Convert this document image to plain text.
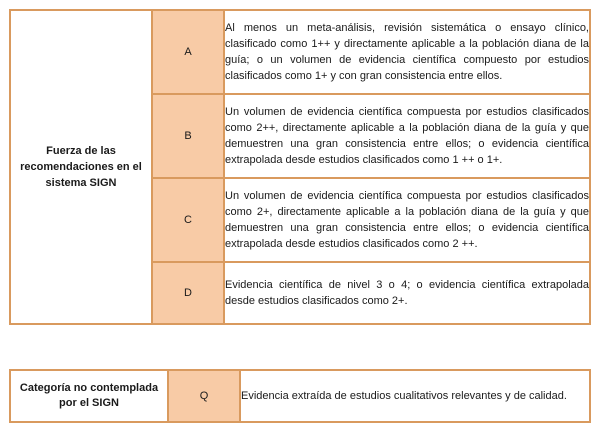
Fuerza de las recomendaciones en el sistema SIGN	A	Al menos un meta-análisis, revisión sistemática o ensayo clínico, clasificado como 1++ y directamente aplicable a la población diana de la guía; o un volumen de evidencia científica compuesto por estudios clasificados como 1+ y con gran consistencia entre ellos.
	B	Un volumen de evidencia científica compuesta por estudios clasificados como 2++, directamente aplicable a la población diana de la guía y que demuestren una gran consistencia entre ellos; o evidencia científica extrapolada desde estudios clasificados como 1 ++ o 1+.
	C	Un volumen de evidencia científica compuesta por estudios clasificados como 2+, directamente aplicable a la población diana de la guía y que demuestren una gran consistencia entre ellos; o evidencia científica extrapolada desde estudios clasificados como 2 ++.
	D	Evidencia científica de nivel 3 o 4; o evidencia científica extrapolada desde estudios clasificados como 2+.
Categoría no contemplada por el SIGN	Q	Evidencia extraída de estudios cualitativos relevantes y de calidad.
